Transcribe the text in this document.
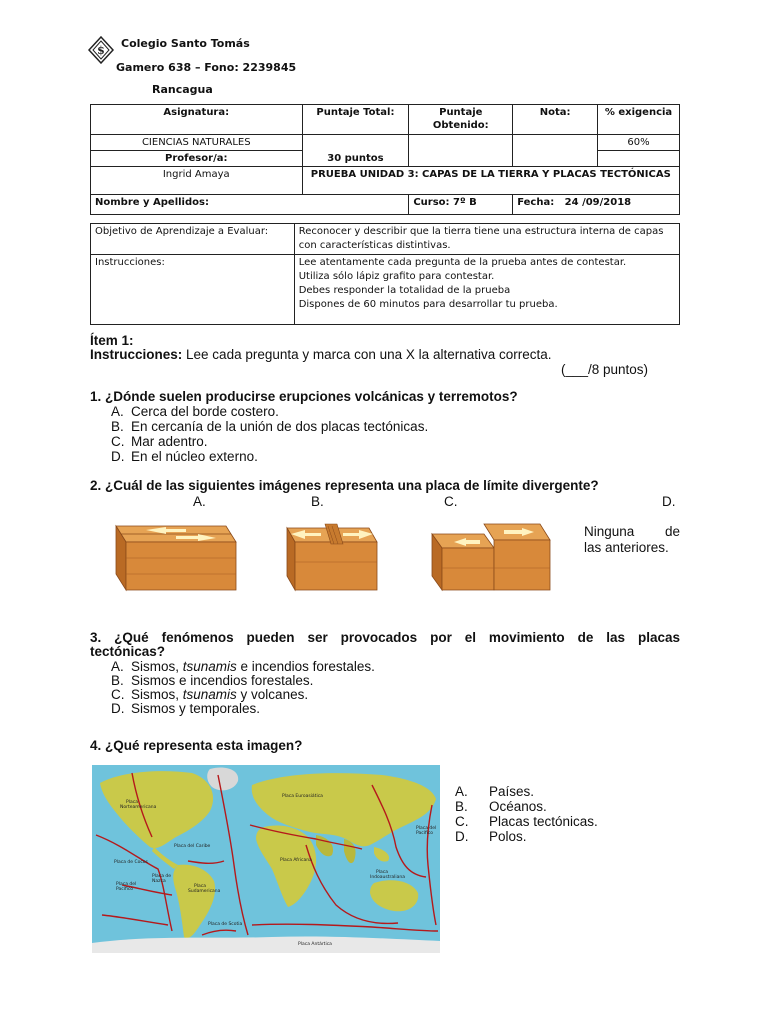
$
Colegio Santo Tomás
Gamero 638 – Fono: 2239845
Rancagua
Asignatura:	Puntaje Total:	Puntaje Obtenido:	Nota:	% exigencia
CIENCIAS NATURALES	30 puntos			60%
Profesor/a:				
Ingrid Amaya	PRUEBA UNIDAD 3: CAPAS DE LA TIERRA Y PLACAS TECTÓNICAS			
Nombre y Apellidos:		Curso: 7º B	Fecha: 24 /09/2018	
Objetivo de Aprendizaje a Evaluar:	Reconocer y describir que la tierra tiene una estructura interna de capas con características distintivas.
Instrucciones:	Lee atentamente cada pregunta de la prueba antes de contestar.
Utiliza sólo lápiz grafito para contestar.
Debes responder la totalidad de la prueba
Dispones de 60 minutos para desarrollar tu prueba.
Ítem 1:
Instrucciones: Lee cada pregunta y marca con una X la alternativa correcta.
(___/8 puntos)
1. ¿Dónde suelen producirse erupciones volcánicas y terremotos?
A. Cerca del borde costero.
B. En cercanía de la unión de dos placas tectónicas.
C. Mar adentro.
D. En el núcleo externo.
2. ¿Cuál de las siguientes imágenes representa una placa de límite divergente?
A.	B.	C.	D.
Ninguna de
las anteriores.
3. ¿Qué fenómenos pueden ser provocados por el movimiento de las placas
tectónicas?
A. Sismos, tsunamis e incendios forestales.
B. Sismos e incendios forestales.
C. Sismos, tsunamis y volcanes.
D. Sismos y temporales.
4. ¿Qué representa esta imagen?
Placa
Norteamericana
Placa Euroasiática
Placa del Caribe
Placa de Cocos
Placa del
Pacífico
Placa de
Nazca
Placa
Sudamericana
Placa Africana
Placa
Indoaustraliana
Placa Antártica
Placa de Scotia
Placa del
Pacífico
A. Países.
B. Océanos.
C. Placas tectónicas.
D. Polos.
